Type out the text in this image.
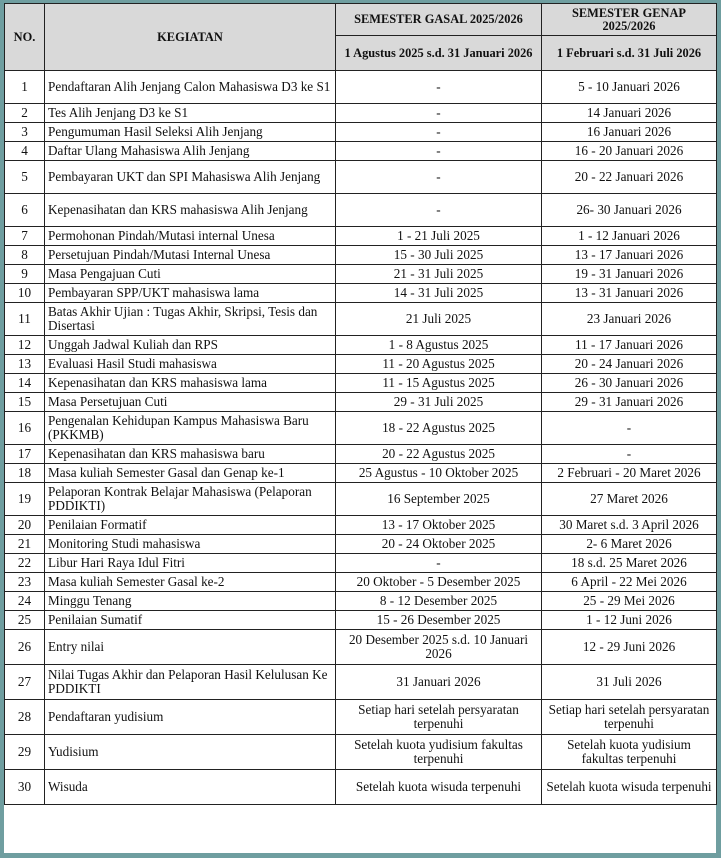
NO.	KEGIATAN	SEMESTER GASAL 2025/2026	SEMESTER GENAP 2025/2026
		1 Agustus 2025 s.d. 31 Januari 2026	1 Februari s.d. 31 Juli 2026
1	Pendaftaran Alih Jenjang Calon Mahasiswa D3 ke S1	-	5 - 10 Januari 2026
2	Tes Alih Jenjang D3 ke S1	-	14 Januari 2026
3	Pengumuman Hasil Seleksi Alih Jenjang	-	16 Januari 2026
4	Daftar Ulang Mahasiswa Alih Jenjang	-	16 - 20 Januari 2026
5	Pembayaran UKT dan SPI Mahasiswa Alih Jenjang	-	20 - 22 Januari 2026
6	Kepenasihatan dan KRS mahasiswa Alih Jenjang	-	26- 30 Januari 2026
7	Permohonan Pindah/Mutasi internal Unesa	1 - 21 Juli 2025	1 - 12 Januari 2026
8	Persetujuan Pindah/Mutasi Internal Unesa	15 - 30 Juli 2025	13 - 17 Januari 2026
9	Masa Pengajuan Cuti	21 - 31 Juli 2025	19 - 31 Januari 2026
10	Pembayaran SPP/UKT mahasiswa lama	14 - 31 Juli 2025	13 - 31 Januari 2026
11	Batas Akhir Ujian : Tugas Akhir, Skripsi, Tesis dan Disertasi	21 Juli 2025	23 Januari 2026
12	Unggah Jadwal Kuliah dan RPS	1 - 8 Agustus 2025	11 - 17 Januari 2026
13	Evaluasi Hasil Studi mahasiswa	11 - 20 Agustus 2025	20 - 24 Januari 2026
14	Kepenasihatan dan KRS mahasiswa lama	11 - 15 Agustus 2025	26 - 30 Januari 2026
15	Masa Persetujuan Cuti	29 - 31 Juli 2025	29 - 31 Januari 2026
16	Pengenalan Kehidupan Kampus Mahasiswa Baru (PKKMB)	18 - 22 Agustus 2025	-
17	Kepenasihatan dan KRS mahasiswa baru	20 - 22 Agustus 2025	-
18	Masa kuliah Semester Gasal dan Genap ke-1	25 Agustus - 10 Oktober 2025	2 Februari - 20 Maret 2026
19	Pelaporan Kontrak Belajar Mahasiswa (Pelaporan PDDIKTI)	16 September 2025	27 Maret 2026
20	Penilaian Formatif	13 - 17 Oktober 2025	30 Maret s.d. 3 April 2026
21	Monitoring Studi mahasiswa	20 - 24 Oktober 2025	2- 6 Maret 2026
22	Libur Hari Raya Idul Fitri	-	18 s.d. 25 Maret 2026
23	Masa kuliah Semester Gasal ke-2	20 Oktober - 5 Desember 2025	6 April - 22 Mei 2026
24	Minggu Tenang	8 - 12 Desember 2025	25 - 29 Mei 2026
25	Penilaian Sumatif	15 - 26 Desember 2025	1 - 12 Juni 2026
26	Entry nilai	20 Desember 2025 s.d. 10 Januari 2026	12 - 29 Juni 2026
27	Nilai Tugas Akhir dan Pelaporan Hasil Kelulusan Ke PDDIKTI	31 Januari 2026	31 Juli 2026
28	Pendaftaran yudisium	Setiap hari setelah persyaratan terpenuhi	Setiap hari setelah persyaratan terpenuhi
29	Yudisium	Setelah kuota yudisium fakultas terpenuhi	Setelah kuota yudisium fakultas terpenuhi
30	Wisuda	Setelah kuota wisuda terpenuhi	Setelah kuota wisuda terpenuhi
